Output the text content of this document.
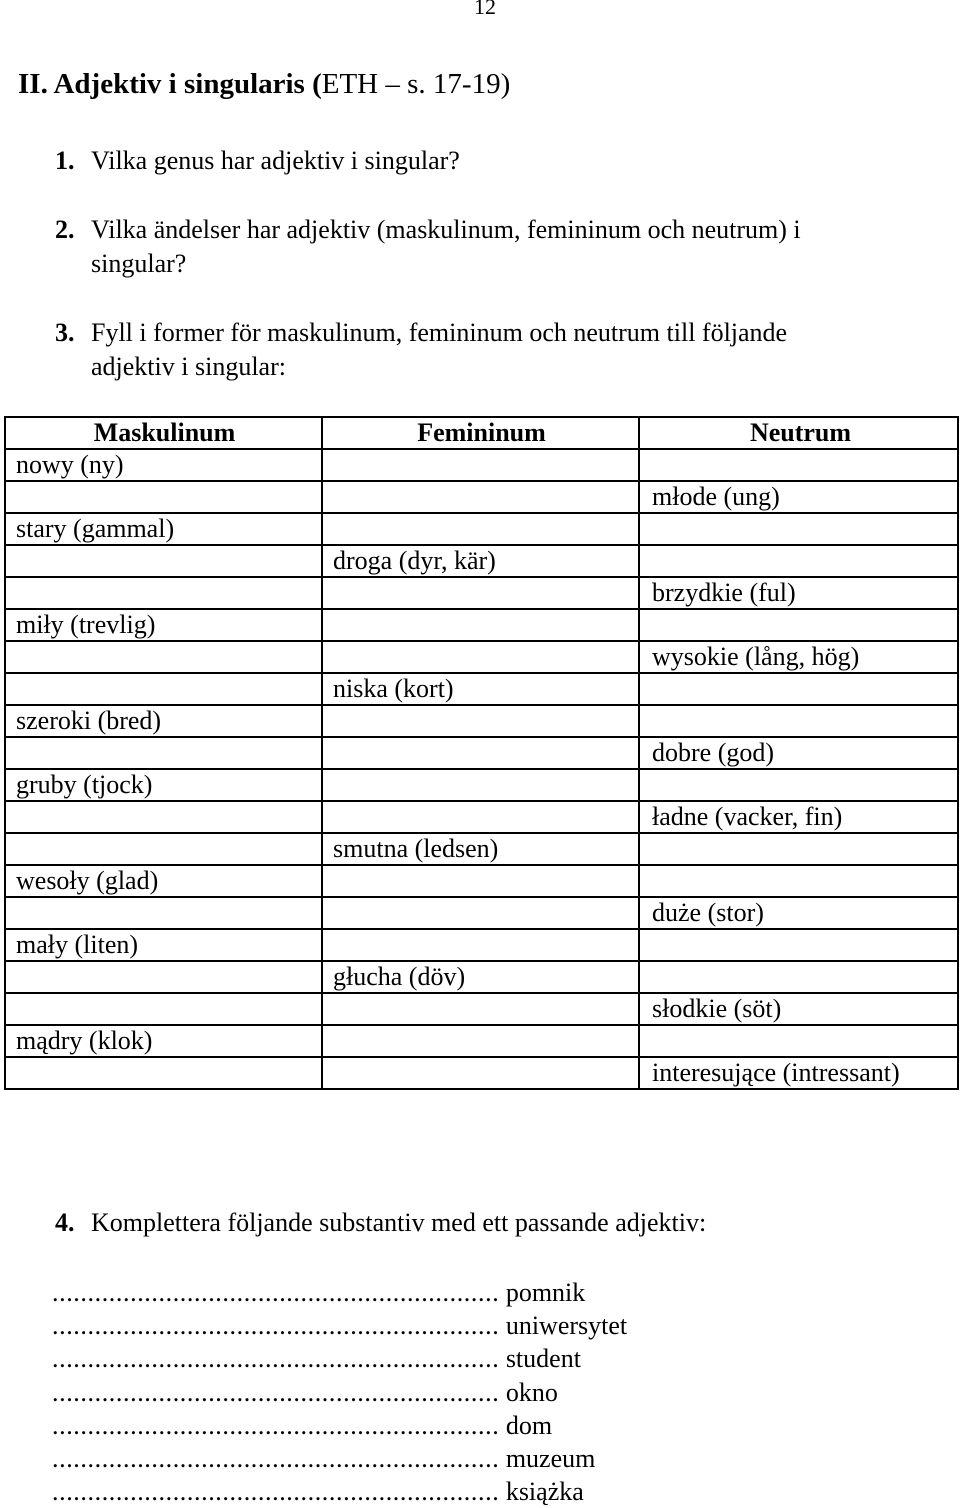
12
II. Adjektiv i singularis (ETH – s. 17-19)
1. Vilka genus har adjektiv i singular?
2. Vilka ändelser har adjektiv (maskulinum, femininum och neutrum) i
singular?
3. Fyll i former för maskulinum, femininum och neutrum till följande
adjektiv i singular:
Maskulinum	Femininum	Neutrum
nowy (ny)		
		młode (ung)
stary (gammal)		
	droga (dyr, kär)	
		brzydkie (ful)
miły (trevlig)		
		wysokie (lång, hög)
	niska (kort)	
szeroki (bred)		
		dobre (god)
gruby (tjock)		
		ładne (vacker, fin)
	smutna (ledsen)	
wesoły (glad)		
		duże (stor)
mały (liten)		
	głucha (döv)	
		słodkie (söt)
mądry (klok)		
		interesujące (intressant)
4. Komplettera följande substantiv med ett passande adjektiv:
............................................................... pomnik
............................................................... uniwersytet
............................................................... student
............................................................... okno
............................................................... dom
............................................................... muzeum
............................................................... książka
